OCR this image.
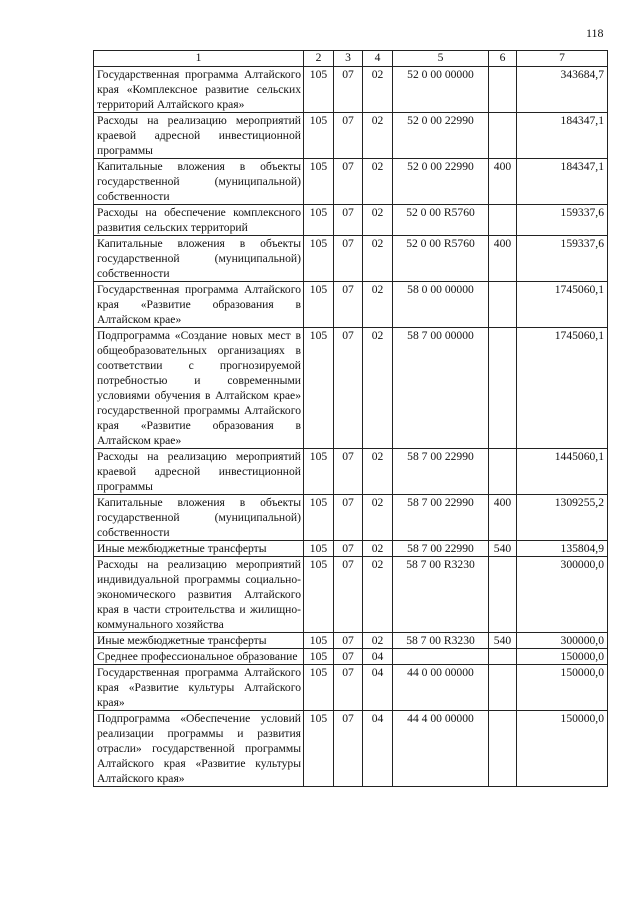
118
1	2	3	4	5	6	7
Государственная программа Алтайского края «Комплексное развитие сельских территорий Алтайского края»	105	07	02	52 0 00 00000		343684,7
Расходы на реализацию мероприятий краевой адресной инвестиционной программы	105	07	02	52 0 00 22990		184347,1
Капитальные вложения в объекты государственной (муниципальной) собственности	105	07	02	52 0 00 22990	400	184347,1
Расходы на обеспечение комплексного развития сельских территорий	105	07	02	52 0 00 R5760		159337,6
Капитальные вложения в объекты государственной (муниципальной) собственности	105	07	02	52 0 00 R5760	400	159337,6
Государственная программа Алтайского края «Развитие образования в Алтайском крае»	105	07	02	58 0 00 00000		1745060,1
Подпрограмма «Создание новых мест в общеобразовательных организациях в соответствии с прогнозируемой потребностью и современными условиями обучения в Алтайском крае» государственной программы Алтайского края «Развитие образования в Алтайском крае»	105	07	02	58 7 00 00000		1745060,1
Расходы на реализацию мероприятий краевой адресной инвестиционной программы	105	07	02	58 7 00 22990		1445060,1
Капитальные вложения в объекты государственной (муниципальной) собственности	105	07	02	58 7 00 22990	400	1309255,2
Иные межбюджетные трансферты	105	07	02	58 7 00 22990	540	135804,9
Расходы на реализацию мероприятий индивидуальной программы социально-экономического развития Алтайского края в части строительства и жилищно-коммунального хозяйства	105	07	02	58 7 00 R3230		300000,0
Иные межбюджетные трансферты	105	07	02	58 7 00 R3230	540	300000,0
Среднее профессиональное образование	105	07	04			150000,0
Государственная программа Алтайского края «Развитие культуры Алтайского края»	105	07	04	44 0 00 00000		150000,0
Подпрограмма «Обеспечение условий реализации программы и развития отрасли» государственной программы Алтайского края «Развитие культуры Алтайского края»	105	07	04	44 4 00 00000		150000,0
